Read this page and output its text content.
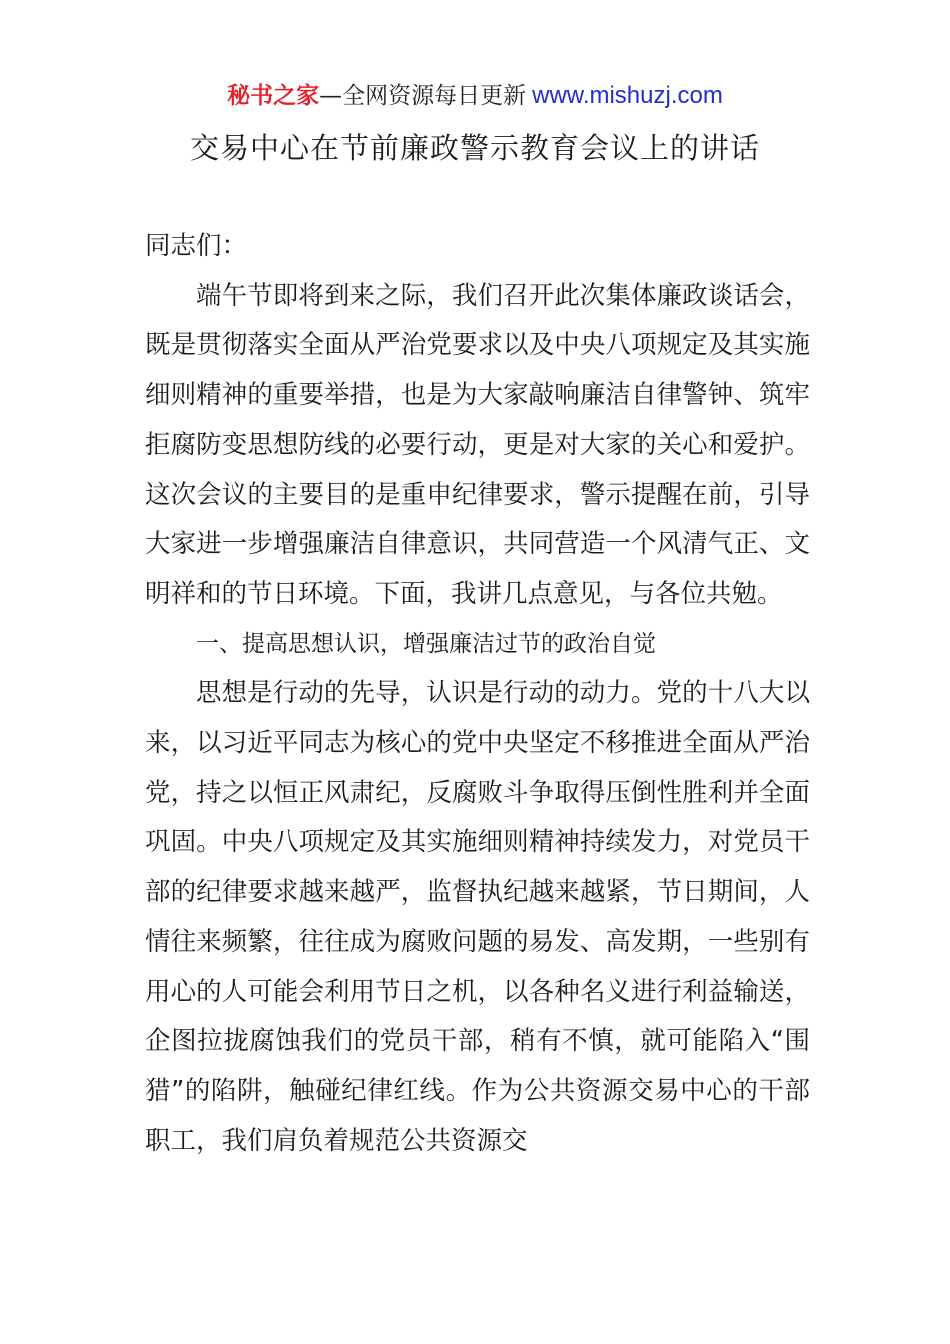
秘书之家—全网资源每日更新 www.mishuzj.com
交易中心在节前廉政警示教育会议上的讲话

同志们：

端午节即将到来之际，我们召开此次集体廉政谈话会，既是贯彻落实全面从严治党要求以及中央八项规定及其实施细则精神的重要举措，也是为大家敲响廉洁自律警钟、筑牢拒腐防变思想防线的必要行动，更是对大家的关心和爱护。这次会议的主要目的是重申纪律要求，警示提醒在前，引导大家进一步增强廉洁自律意识，共同营造一个风清气正、文明祥和的节日环境。下面，我讲几点意见，与各位共勉。

一、提高思想认识，增强廉洁过节的政治自觉

思想是行动的先导，认识是行动的动力。党的十八大以来，以习近平同志为核心的党中央坚定不移推进全面从严治党，持之以恒正风肃纪，反腐败斗争取得压倒性胜利并全面巩固。中央八项规定及其实施细则精神持续发力，对党员干部的纪律要求越来越严，监督执纪越来越紧，节日期间，人情往来频繁，往往成为腐败问题的易发、高发期，一些别有用心的人可能会利用节日之机，以各种名义进行利益输送，企图拉拢腐蚀我们的党员干部，稍有不慎，就可能陷入“围猎”的陷阱，触碰纪律红线。作为公共资源交易中心的干部职工，我们肩负着规范公共资源交
